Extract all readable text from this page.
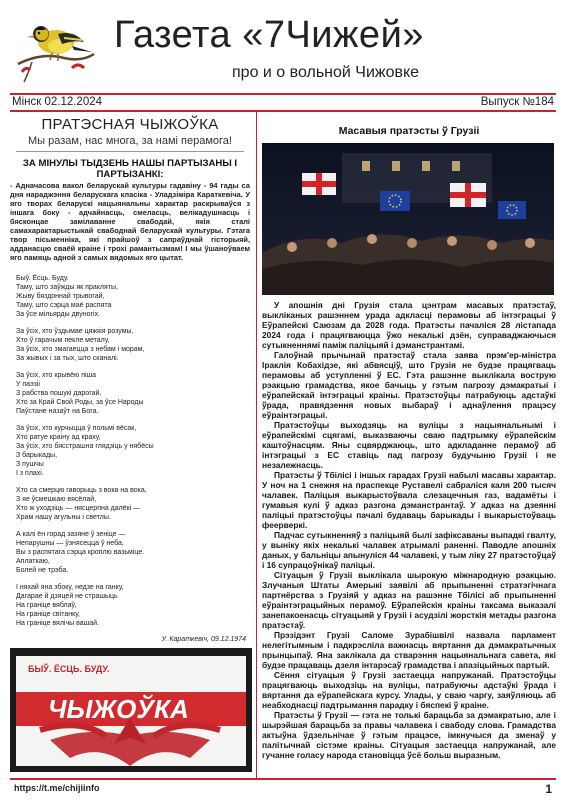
Газета «7Чижей»
про и о вольной Чижовке
Мінск 02.12.2024	Выпуск №184
ПРАТЭСНАЯ ЧЫЖОЎКА
Мы разам, нас многа, за намі перамога!
ЗА МІНУЛЫ ТЫДЗЕНЬ НАШЫ ПАРТЫЗАНЫ І ПАРТЫЗАНКІ:
- Адначасова вакол беларускай культуры гадавіну - 94 гады са дня нараджэння беларускага класіка - Уладзіміра Караткевіча. У яго творах беларускі нацыянальны характар раскрываўся з іншага боку - адчайнасць, смеласць, велікадушнасць і бясконцае замілаванне свабодай, якія сталі самахарактарыстыкай свабоднай беларускай культуры. Гэтага твор пісьменніка, які прайшоў з сапраўднай гісторыяй, адданасцю сваёй краіне і трохі рамантызмам! І мы ўшаноўваем яго памяць адной з самых вядомых яго цытат.
Быў. Ёсць. Буду.
Таму, што заўжды як пракляты,
Жыву бяздоннай трывогай,
Таму, што сэрца маё распята
За ўсе мільярды двуногіх.
За ўсіх, хто ўздымае цяжкія розумы,
Хто ў гарачым пекле металу,
За ўсіх, хто змагаецца з небам і морам,
За жывых і за тых, што сканалі.
За ўсіх, хто крывёю піша
У паэзіі
З рабства пошукі дарогай,
Хто за Край Свой Роды, за ўсе Народы
Паўстане назаўт на Бога.
За ўсіх, хто курчыцца ў польмі вёсак,
Хто ратуе краіну ад краху,
За ўсіх, хто бясстрашна глядзіць у нябёсы
З барыкады,
З пушчы
І з плахі.
Хто са смерцю гаворыць з вока на вока,
З яе ўсмешкаю вясёлай,
Хто ж уходзіць — нясцерпна далёкі —
Храм нашу агульны і светлы.
А калі ён горад зазяне ў зенiце —
Непарушны — ўзнясецца ў неба,
Вы з распятага сэрца кроплю вазьміце.
Аплаткаю,
Болей не трэба.
І няхай яна збоку, недзе на ганку,
Дагарае й дзяцей не страшыць
На граніце вяблаў,
На граніце світанку,
На граніце вялічы вашай.
У. Караткевіч, 09.12.1974
БЫЎ. ЁСЦЬ. БУДУ.
ЧЫЖОЎКА
Масавыя пратэсты ў Грузіі

У апошнія дні Грузія стала цэнтрам масавых пратэстаў, выкліканых рашэннем урада адкласці перамовы аб інтэграцыі ў Еўрапейскі Саюзам да 2028 года. Пратэсты пачаліся 28 лістапада 2024 года і працягваюцца ўжо некалькі дзён, суправаджаючыся сутыкненнямі паміж паліцыяй і дэманстрантамі.

Галоўнай прычынай пратэстаў стала заява прэм'ер-міністра Іраклія Кобахідзе, які абвясціў, што Грузія не будзе працягваць перамовы аб уступленні ў ЕС. Гэта рашэнне выклікала вострую рэакцыю грамадства, якое бачыць у гэтым пагрозу дэмакратыі і еўрапейскай інтэграцыі краіны. Пратэстоўцы патрабуюць адстаўкі ўрада, правядзення новых выбараў і аднаўлення працэсу еўраінтэграцыі.

Пратэстоўцы выходзяць на вуліцы з нацыянальнымі і еўрапейскімі сцягамі, выказваючы сваю падтрымку еўрапейскім каштоўнасцям. Яны сцвярджаюць, што адкладанне перамоў аб інтэграцыі з ЕС ставіць пад пагрозу будучыню Грузіі і яе незалежнасць.

Пратэсты ў Тбілісі і іншых гарадах Грузіі набылі масавы характар. У ноч на 1 снежня на праспекце Руставелі сабраліся каля 200 тысяч чалавек. Паліцыя выкарыстоўвала слезацечныя газ, вадамёты і гумавыя кулі ў адказ разгона дэманстрантаў. У адказ на дзеянні паліцыі пратэстоўцы пачалі будаваць барыкады і выкарыстоўваць феерверкі.

Падчас сутыкненняў з паліцыяй былі зафіксаваны выпадкі гвалту, у выніку якіх некалькі чалавек атрымалі раненні. Паводле апошніх даных, у бальніцы апынуліся 44 чалавекі, у тым ліку 27 пратэстоўцаў і 16 супрацоўнікаў паліцыі.

Сітуацыя ў Грузіі выклікала шырокую міжнародную рэакцыю. Злучаныя Штаты Амерыкі заявілі аб прыпыненні стратэгічнага партнёрства з Грузіяй у адказ на рашэнне Тбілісі аб прыпыненні еўраінтэграцыйных перамоў. Еўрапейскія краіны таксама выказалі занепакоенасць сітуацыяй у Грузіі і асудзілі жорсткія метады разгона пратэстаў.

Прэзідэнт Грузіі Саломе Зурабішвілі назвала парламент нелегітымным і падкрэсліла важнасць вяртання да дэмакратычных прынцыпаў. Яна заклікала да стварэння нацыянальнага савета, які будзе працаваць дзеля інтарэсаў грамадства і апазіцыйных партый.

Сёння сітуацыя ў Грузіі застаецца напружанай. Пратэстоўцы працягваюць выходзіць на вуліцы, патрабуючы адстаўкі ўрада і вяртання да еўрапейскага курсу. Улады, у сваю чаргу, заяўляюць аб неабходнасці падтрымання парадку і бяспекі ў краіне.

Пратэсты ў Грузіі — гэта не толькі барацьба за дэмакратыю, але і шырэйшая барацьба за правы чалавека і свабоду слова. Грамадства актыўна ўдзельнічае ў гэтым працэсе, імкнучыся да зменаў у палітычнай сістэме краіны. Сітуацыя застаецца напружанай, але гучанне голасу народа становіцца ўсё больш выразным.

https://t.me/chijiinfo	1
